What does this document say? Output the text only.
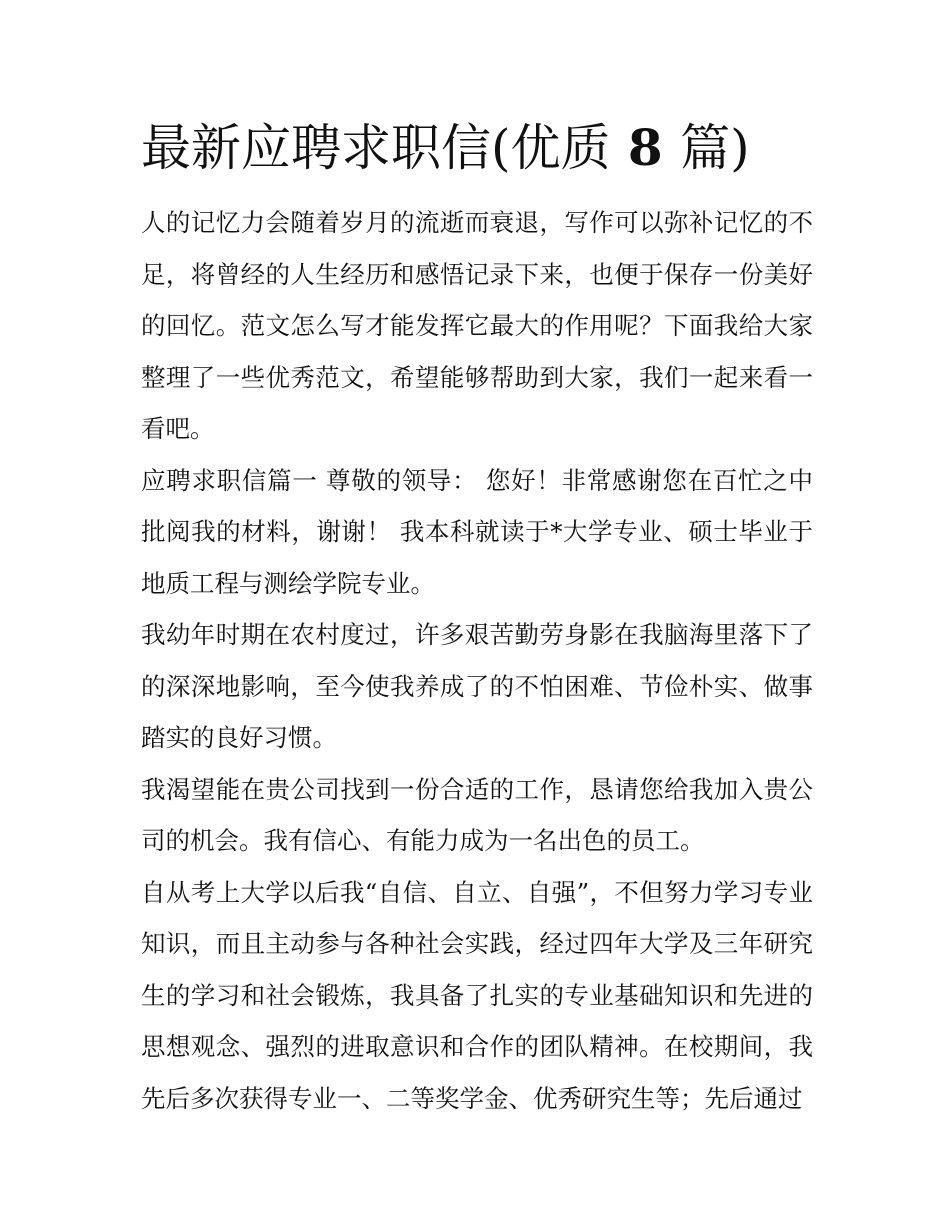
最新应聘求职信(优质 8 篇)

人的记忆力会随着岁月的流逝而衰退，写作可以弥补记忆的不足，将曾经的人生经历和感悟记录下来，也便于保存一份美好的回忆。范文怎么写才能发挥它最大的作用呢？下面我给大家整理了一些优秀范文，希望能够帮助到大家，我们一起来看一看吧。

应聘求职信篇一 尊敬的领导： 您好！非常感谢您在百忙之中批阅我的材料，谢谢！ 我本科就读于*大学专业、硕士毕业于地质工程与测绘学院专业。

我幼年时期在农村度过，许多艰苦勤劳身影在我脑海里落下了的深深地影响，至今使我养成了的不怕困难、节俭朴实、做事踏实的良好习惯。

我渴望能在贵公司找到一份合适的工作，恳请您给我加入贵公司的机会。我有信心、有能力成为一名出色的员工。

自从考上大学以后我“自信、自立、自强”，不但努力学习专业知识，而且主动参与各种社会实践，经过四年大学及三年研究生的学习和社会锻炼，我具备了扎实的专业基础知识和先进的思想观念、强烈的进取意识和合作的团队精神。在校期间，我先后多次获得专业一、二等奖学金、优秀研究生等；先后通过
